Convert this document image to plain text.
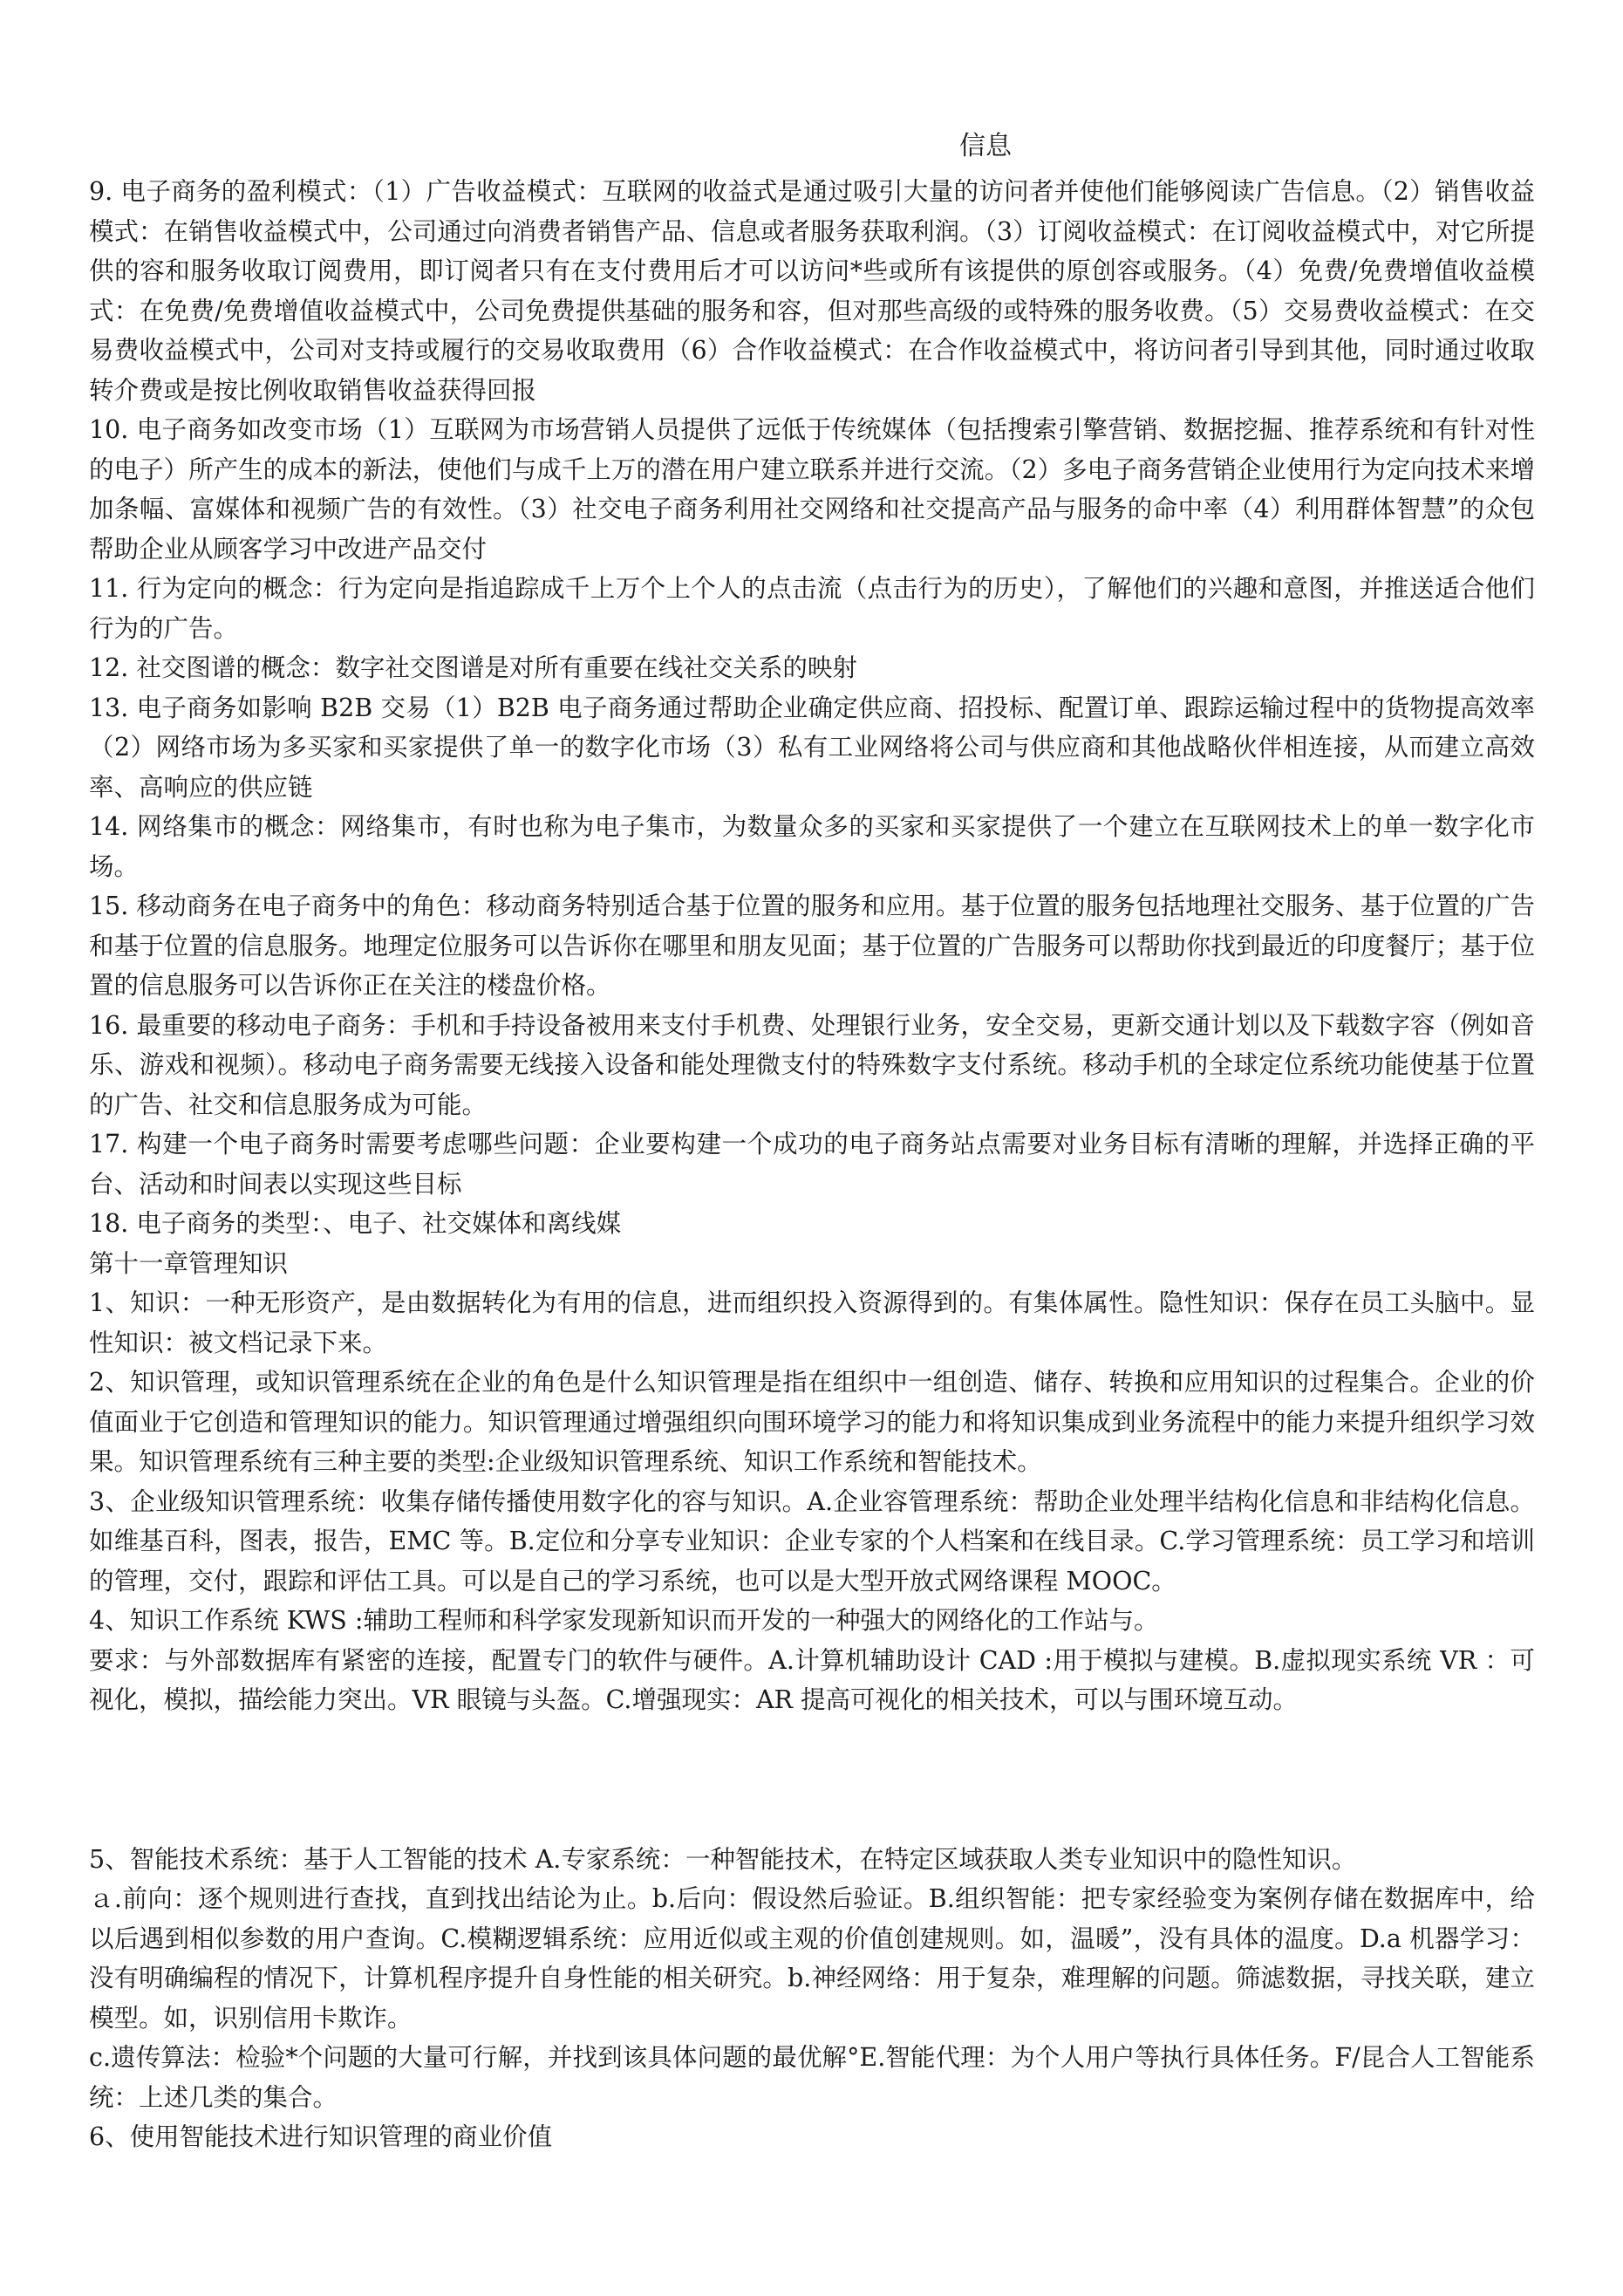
信息

9. 电子商务的盈利模式：（1）广告收益模式：互联网的收益式是通过吸引大量的访问者并使他们能够阅读广告信息。（2）销售收益模式：在销售收益模式中，公司通过向消费者销售产品、信息或者服务获取利润。（3）订阅收益模式：在订阅收益模式中，对它所提供的容和服务收取订阅费用，即订阅者只有在支付费用后才可以访问*些或所有该提供的原创容或服务。（4）免费/免费增值收益模式：在免费/免费增值收益模式中，公司免费提供基础的服务和容，但对那些高级的或特殊的服务收费。（5）交易费收益模式：在交易费收益模式中，公司对支持或履行的交易收取费用（6）合作收益模式：在合作收益模式中，将访问者引导到其他，同时通过收取转介费或是按比例收取销售收益获得回报

10. 电子商务如改变市场（1）互联网为市场营销人员提供了远低于传统媒体（包括搜索引擎营销、数据挖掘、推荐系统和有针对性的电子）所产生的成本的新法，使他们与成千上万的潜在用户建立联系并进行交流。（2）多电子商务营销企业使用行为定向技术来增加条幅、富媒体和视频广告的有效性。（3）社交电子商务利用社交网络和社交提高产品与服务的命中率（4）利用群体智慧”的众包帮助企业从顾客学习中改进产品交付

11. 行为定向的概念：行为定向是指追踪成千上万个上个人的点击流（点击行为的历史），了解他们的兴趣和意图，并推送适合他们行为的广告。

12. 社交图谱的概念：数字社交图谱是对所有重要在线社交关系的映射

13. 电子商务如影响 B2B 交易（1）B2B 电子商务通过帮助企业确定供应商、招投标、配置订单、跟踪运输过程中的货物提高效率（2）网络市场为多买家和买家提供了单一的数字化市场（3）私有工业网络将公司与供应商和其他战略伙伴相连接，从而建立高效率、高响应的供应链

14. 网络集市的概念：网络集市，有时也称为电子集市，为数量众多的买家和买家提供了一个建立在互联网技术上的单一数字化市场。

15. 移动商务在电子商务中的角色：移动商务特别适合基于位置的服务和应用。基于位置的服务包括地理社交服务、基于位置的广告和基于位置的信息服务。地理定位服务可以告诉你在哪里和朋友见面；基于位置的广告服务可以帮助你找到最近的印度餐厅；基于位置的信息服务可以告诉你正在关注的楼盘价格。

16. 最重要的移动电子商务：手机和手持设备被用来支付手机费、处理银行业务，安全交易，更新交通计划以及下载数字容（例如音乐、游戏和视频）。移动电子商务需要无线接入设备和能处理微支付的特殊数字支付系统。移动手机的全球定位系统功能使基于位置的广告、社交和信息服务成为可能。

17. 构建一个电子商务时需要考虑哪些问题：企业要构建一个成功的电子商务站点需要对业务目标有清晰的理解，并选择正确的平台、活动和时间表以实现这些目标

18. 电子商务的类型：、电子、社交媒体和离线媒

第十一章管理知识

1、知识：一种无形资产，是由数据转化为有用的信息，进而组织投入资源得到的。有集体属性。隐性知识：保存在员工头脑中。显性知识：被文档记录下来。

2、知识管理，或知识管理系统在企业的角色是什么知识管理是指在组织中一组创造、储存、转换和应用知识的过程集合。企业的价值面业于它创造和管理知识的能力。知识管理通过增强组织向围环境学习的能力和将知识集成到业务流程中的能力来提升组织学习效果。知识管理系统有三种主要的类型:企业级知识管理系统、知识工作系统和智能技术。

3、企业级知识管理系统：收集存储传播使用数字化的容与知识。A.企业容管理系统：帮助企业处理半结构化信息和非结构化信息。如维基百科，图表，报告，EMC 等。B.定位和分享专业知识：企业专家的个人档案和在线目录。C.学习管理系统：员工学习和培训的管理，交付，跟踪和评估工具。可以是自己的学习系统，也可以是大型开放式网络课程 MOOC。

4、知识工作系统 KWS :辅助工程师和科学家发现新知识而开发的一种强大的网络化的工作站与。

要求：与外部数据库有紧密的连接，配置专门的软件与硬件。A.计算机辅助设计 CAD :用于模拟与建模。B.虚拟现实系统 VR ：可视化，模拟，描绘能力突出。VR 眼镜与头盔。C.增强现实：AR 提高可视化的相关技术，可以与围环境互动。

5、智能技术系统：基于人工智能的技术 A.专家系统：一种智能技术，在特定区域获取人类专业知识中的隐性知识。

ａ.前向：逐个规则进行查找，直到找出结论为止。b.后向：假设然后验证。B.组织智能：把专家经验变为案例存储在数据库中，给以后遇到相似参数的用户查询。C.模糊逻辑系统：应用近似或主观的价值创建规则。如，温暖”，没有具体的温度。D.a 机器学习：没有明确编程的情况下，计算机程序提升自身性能的相关研究。b.神经网络：用于复杂，难理解的问题。筛滤数据，寻找关联，建立模型。如，识别信用卡欺诈。

c.遗传算法：检验*个问题的大量可行解，并找到该具体问题的最优解°E.智能代理：为个人用户等执行具体任务。F/昆合人工智能系统：上述几类的集合。

6、使用智能技术进行知识管理的商业价值
